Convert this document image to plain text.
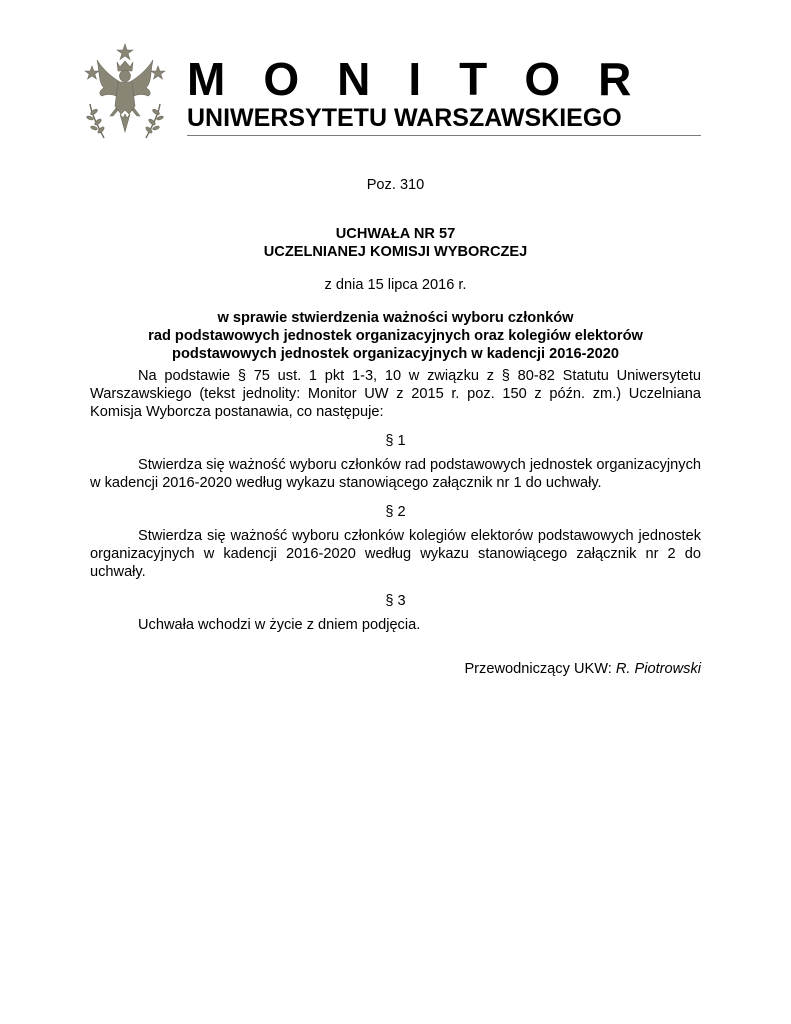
MONITOR
UNIWERSYTETU WARSZAWSKIEGO

Poz. 310

UCHWAŁA NR 57

UCZELNIANEJ KOMISJI WYBORCZEJ

z dnia 15 lipca 2016 r.

w sprawie stwierdzenia ważności wyboru członków

rad podstawowych jednostek organizacyjnych oraz kolegiów elektorów

podstawowych jednostek organizacyjnych w kadencji 2016-2020

Na podstawie § 75 ust. 1 pkt 1-3, 10 w związku z § 80-82 Statutu Uniwersytetu Warszawskiego (tekst jednolity: Monitor UW z 2015 r. poz. 150 z późn. zm.) Uczelniana Komisja Wyborcza postanawia, co następuje:

§ 1

Stwierdza się ważność wyboru członków rad podstawowych jednostek organizacyjnych w kadencji 2016-2020 według wykazu stanowiącego załącznik nr 1 do uchwały.

§ 2

Stwierdza się ważność wyboru członków kolegiów elektorów podstawowych jednostek organizacyjnych w kadencji 2016-2020 według wykazu stanowiącego załącznik nr 2 do uchwały.

§ 3

Uchwała wchodzi w życie z dniem podjęcia.

Przewodniczący UKW: R. Piotrowski
